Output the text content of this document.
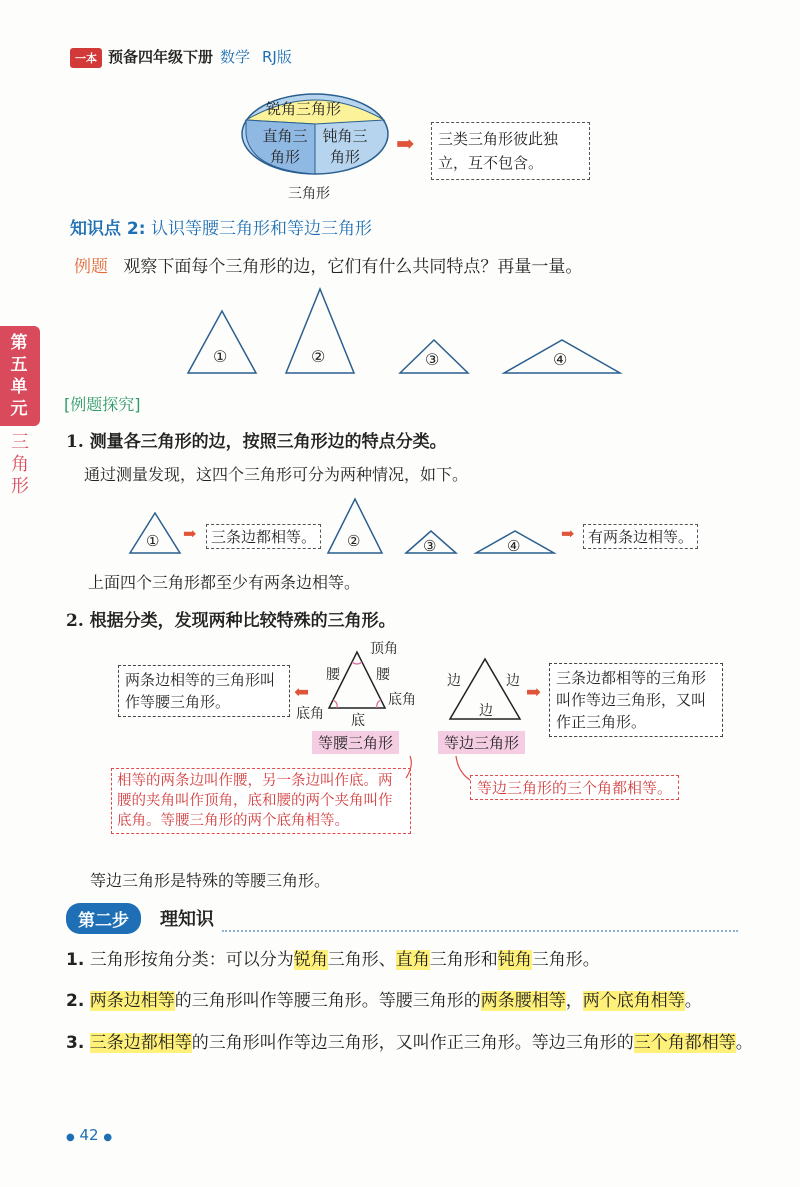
一本 预备四年级下册 数学 RJ版
第五单元
三角形
锐角三角形
直角三角形
钝角三角形
三角形
➡	三类三角形彼此独立，互不包含。
知识点 2: 认识等腰三角形和等边三角形
例题 观察下面每个三角形的边，它们有什么共同特点？再量一量。
①	②	③	④
[例题探究]
1. 测量各三角形的边，按照三角形边的特点分类。
通过测量发现，这四个三角形可分为两种情况，如下。
①	②	③	④
➡ 三条边都相等。	➡ 有两条边相等。
上面四个三角形都至少有两条边相等。
2. 根据分类，发现两种比较特殊的三角形。
两条边相等的三角形叫作等腰三角形。	⬅
顶角
腰	腰
底角
底角
底
等腰三角形
边	边
边
➡
三条边都相等的三角形叫作等边三角形，又叫作正三角形。
等边三角形
相等的两条边叫作腰，另一条边叫作底。两腰的夹角叫作顶角，底和腰的两个夹角叫作底角。等腰三角形的两个底角相等。
等边三角形的三个角都相等。
等边三角形是特殊的等腰三角形。
第二步	理知识
1. 三角形按角分类：可以分为锐角三角形、直角三角形和钝角三角形。
2. 两条边相等的三角形叫作等腰三角形。等腰三角形的两条腰相等，两个底角相等。
3. 三条边都相等的三角形叫作等边三角形，又叫作正三角形。等边三角形的三个角都相等。
● 42 ●
